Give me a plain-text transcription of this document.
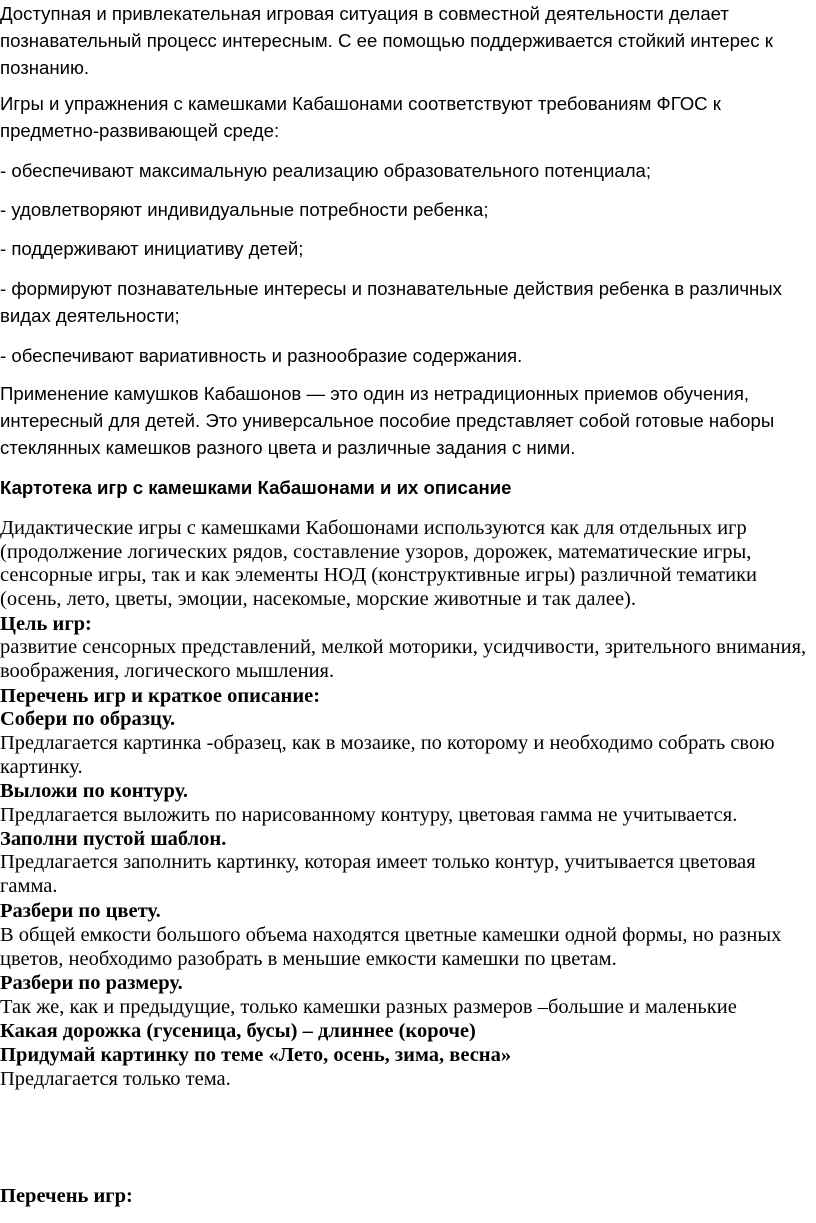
Доступная и привлекательная игровая ситуация в совместной деятельности делает познавательный процесс интересным. С ее помощью поддерживается стойкий интерес к познанию.

Игры и упражнения с камешками Кабашонами соответствуют требованиям ФГОС к предметно-развивающей среде:

- обеспечивают максимальную реализацию образовательного потенциала;

- удовлетворяют индивидуальные потребности ребенка;

- поддерживают инициативу детей;

- формируют познавательные интересы и познавательные действия ребенка в различных видах деятельности;

- обеспечивают вариативность и разнообразие содержания.

Применение камушков Кабашонов — это один из нетрадиционных приемов обучения, интересный для детей. Это универсальное пособие представляет собой готовые наборы стеклянных камешков разного цвета и различные задания с ними.

Картотека игр с камешками Кабашонами и их описание

Дидактические игры с камешками Кабошонами используются как для отдельных игр (продолжение логических рядов, составление узоров, дорожек, математические игры, сенсорные игры, так и как элементы НОД (конструктивные игры) различной тематики (осень, лето, цветы, эмоции, насекомые, морские животные и так далее).

Цель игр:

развитие сенсорных представлений, мелкой моторики, усидчивости, зрительного внимания, воображения, логического мышления.

Перечень игр и краткое описание:

Собери по образцу.

Предлагается картинка -образец, как в мозаике, по которому и необходимо собрать свою картинку.

Выложи по контуру.

Предлагается выложить по нарисованному контуру, цветовая гамма не учитывается.

Заполни пустой шаблон.

Предлагается заполнить картинку, которая имеет только контур, учитывается цветовая гамма.

Разбери по цвету.

В общей емкости большого объема находятся цветные камешки одной формы, но разных цветов, необходимо разобрать в меньшие емкости камешки по цветам.

Разбери по размеру.

Так же, как и предыдущие, только камешки разных размеров –большие и маленькие

Какая дорожка (гусеница, бусы) – длиннее (короче)

Придумай картинку по теме «Лето, осень, зима, весна»

Предлагается только тема.

Перечень игр:
